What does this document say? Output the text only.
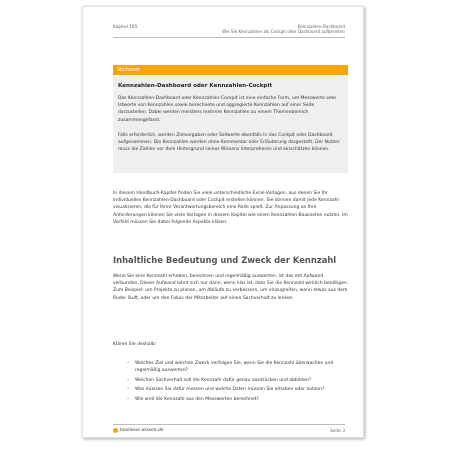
Kapitel 185	Kennzahlen-Dashboard
Wie Sie Kennzahlen als Cockpit oder Dashboard aufbereiten
Stichwort
Kennzahlen-Dashboard oder Kennzahlen-Cockpit

Das Kennzahlen-Dashboard oder Kennzahlen-Cockpit ist eine einfache Form, um Messwerte oder Istwerte von Kennzahlen sowie berechnete und aggregierte Kennzahlen auf einer Seite darzustellen. Dabei werden meistens mehrere Kennzahlen zu einem Themenbereich zusammengefasst.

Falls erforderlich, werden Zielvorgaben oder Sollwerte ebenfalls in das Cockpit oder Dashboard aufgenommen. Die Kennzahlen werden ohne Kommentar oder Erläuterung dargestellt. Der Nutzer muss die Zahlen vor dem Hintergrund seines Wissens interpretieren und einschätzen können.

In diesem Handbuch-Kapitel finden Sie viele unterschiedliche Excel-Vorlagen, aus denen Sie Ihr individuelles Kennzahlen-Dashboard oder Cockpit erstellen können. Sie können damit jede Kennzahl visualisieren, die für Ihren Verantwortungsbereich eine Rolle spielt. Zur Anpassung an Ihre Anforderungen können Sie viele Vorlagen in diesem Kapitel wie einen Kennzahlen-Baukasten nutzen. Im Vorfeld müssen Sie dabei folgende Aspekte klären.

Inhaltliche Bedeutung und Zweck der Kennzahl

Wenn Sie eine Kennzahl erheben, berechnen und regelmäßig auswerten, ist das mit Aufwand verbunden. Dieser Aufwand lohnt sich nur dann, wenn klar ist, dass Sie die Kennzahl wirklich benötigen. Zum Beispiel: um Projekte zu planen, um Abläufe zu verbessern, um einzugreifen, wenn etwas aus dem Ruder läuft, oder um den Fokus der Mitarbeiter auf einen Sachverhalt zu lenken.

Klären Sie deshalb:

– Welches Ziel und welchen Zweck verfolgen Sie, wenn Sie die Kennzahl überwachen und regelmäßig auswerten?
– Welchen Sachverhalt soll die Kennzahl dafür genau ausdrücken und abbilden?
– Was müssen Sie dafür messen und welche Daten müssen Sie erheben oder nutzen?
– Wie wird die Kennzahl aus den Messwerten berechnet?
business-wissen.de	Seite 3
